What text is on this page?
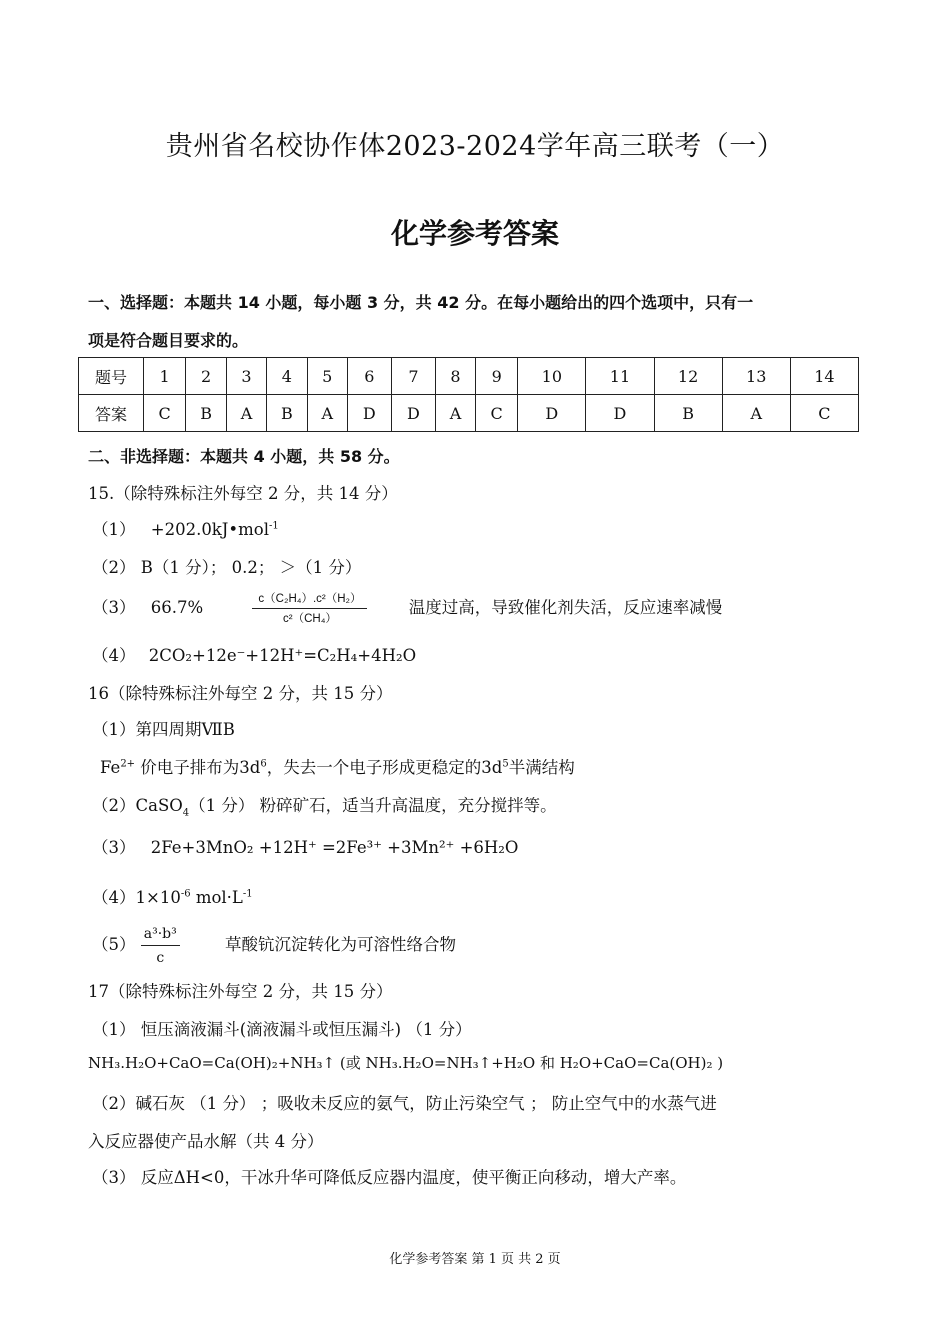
贵州省名校协作体2023-2024学年高三联考（一）
化学参考答案
一、选择题：本题共 14 小题，每小题 3 分，共 42 分。在每小题给出的四个选项中，只有一
项是符合题目要求的。
题号	1	2	3	4	5	6	7	8	9	10	11	12	13	14
答案	C	B	A	B	A	D	D	A	C	D	D	B	A	C
二、非选择题：本题共 4 小题，共 58 分。
15.（除特殊标注外每空 2 分，共 14 分）
（1） +202.0kJ•mol$^{-1}$
（2） B（1 分）； 0.2； ＞（1 分）
（3） 66.7%	$\frac{\text{c（C₂H₄）.c²（H₂）}}{\text{c²（CH₄）}}$	温度过高，导致催化剂失活，反应速率减慢
（4） 2CO₂+12e⁻+12H⁺=C₂H₄+4H₂O
16（除特殊标注外每空 2 分，共 15 分）
（1）第四周期ⅦB
$Fe^{2+}$ 价电子排布为$3d^6$，失去一个电子形成更稳定的$3d^5$半满结构
（2）CaSO$_4$（1 分） 粉碎矿石，适当升高温度，充分搅拌等。
（3） 2Fe+3MnO₂ +12H⁺ =2Fe³⁺ +3Mn²⁺ +6H₂O
$(4)1\times 10^{-6}$ $mol\cdot L^{-1}$
$(5) \frac{\text{a³·b³}}{c}$	草酸钪沉淀转化为可溶性络合物
17（除特殊标注外每空 2 分，共 15 分）
（1） 恒压滴液漏斗(滴液漏斗或恒压漏斗) （1 分）
NH₃.H₂O+CaO=Ca(OH)₂+NH₃↑ (或 NH₃.H₂O=NH₃↑+H₂O 和 H₂O+CaO=Ca(OH)₂ )
（2）碱石灰 （1 分） ；吸收未反应的氨气，防止污染空气 ； 防止空气中的水蒸气进
入反应器使产品水解（共 4 分）
（3） 反应ΔH<0，干冰升华可降低反应器内温度，使平衡正向移动，增大产率。
化学参考答案 第 1 页 共 2 页
